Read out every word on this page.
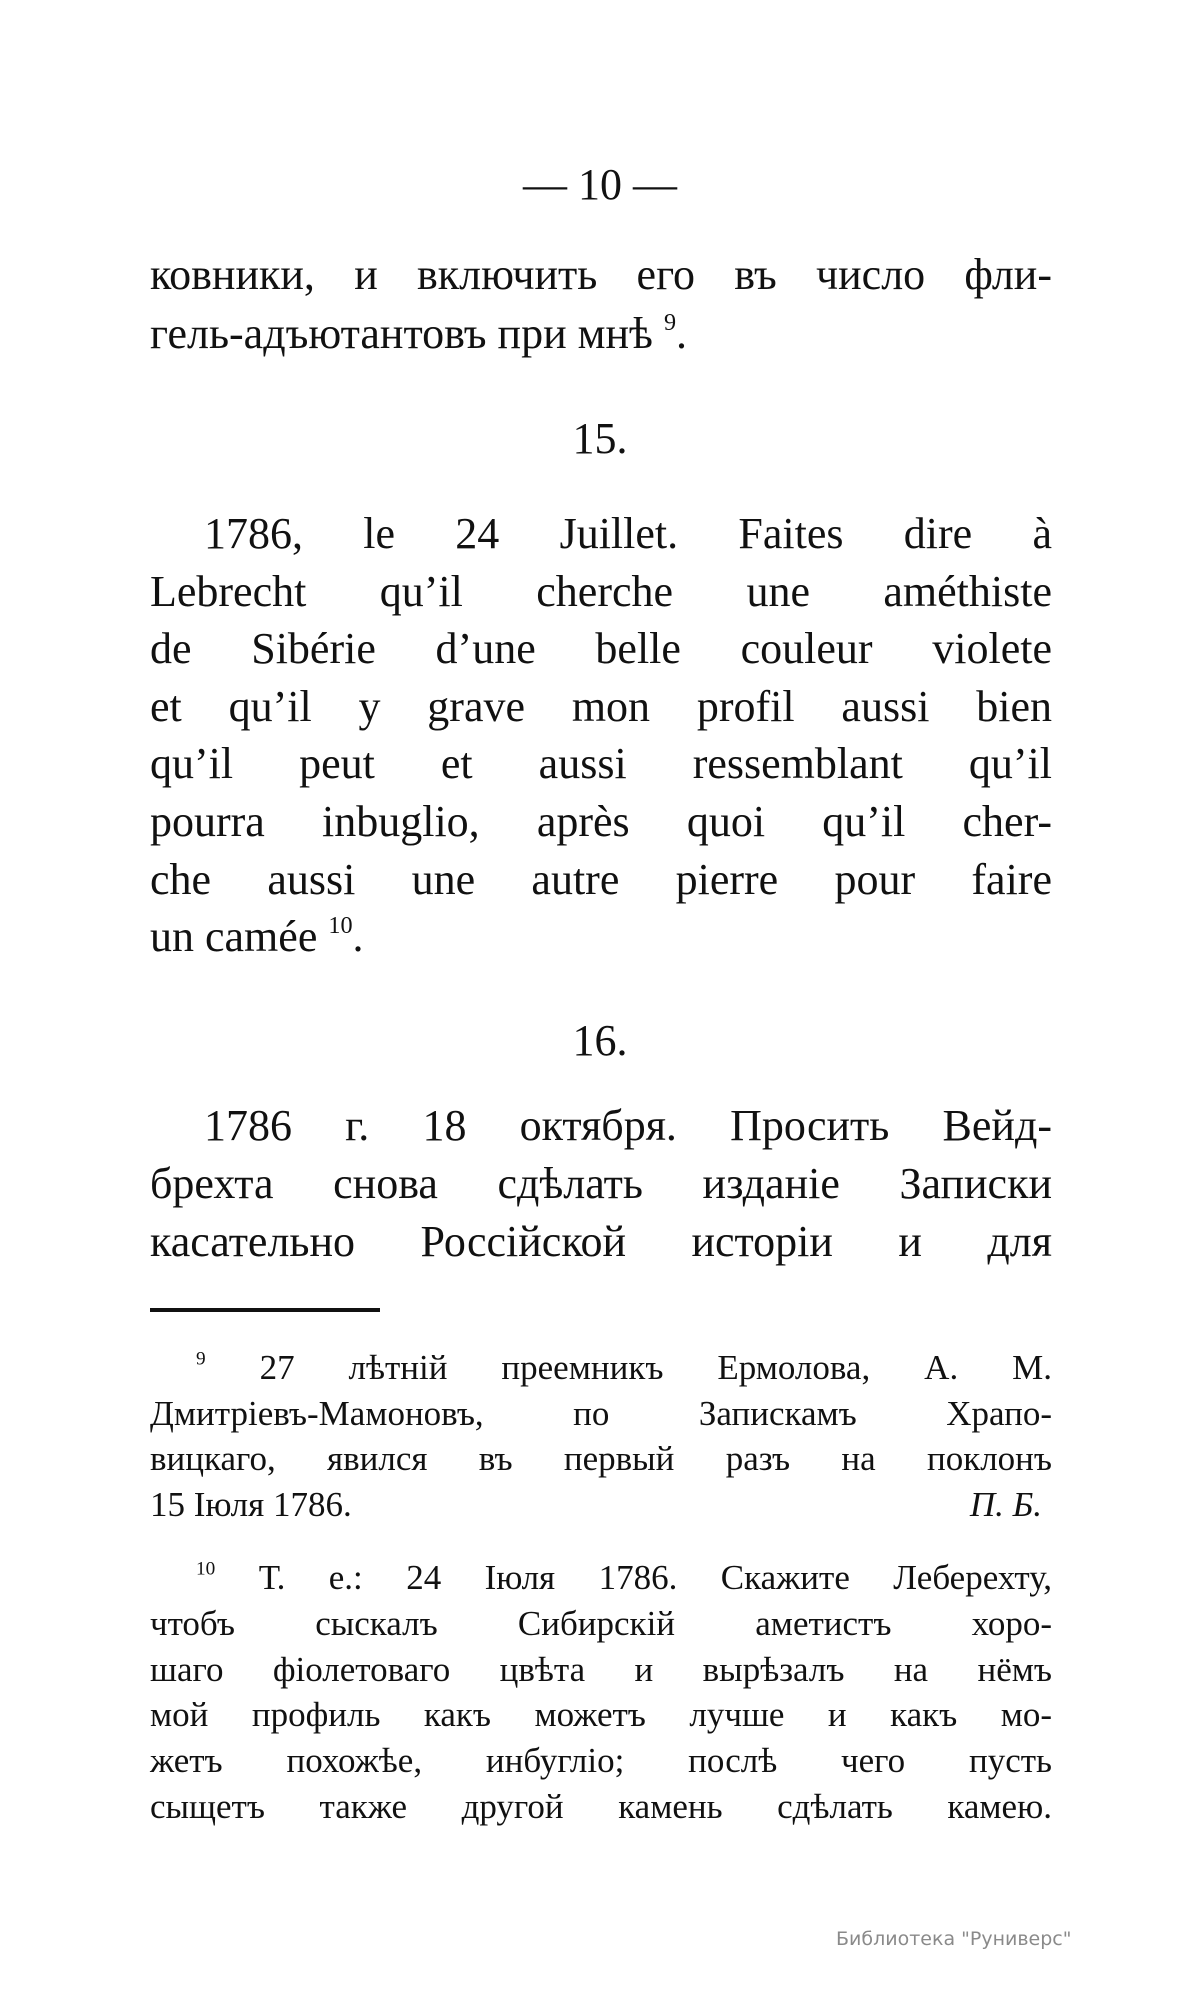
— 10 —
ковники, и включить его въ число фли-
гель-адъютантовъ при мнѣ $^9$.
15.
1786, le 24 Juillet. Faites dire à
Lebrecht qu’il cherche une améthiste
de Sibérie d’une belle couleur violete
et qu’il y grave mon profil aussi bien
qu’il peut et aussi ressemblant qu’il
pourra inbuglio, après quoi qu’il cher-
che aussi une autre pierre pour faire
un camée $^{10}$.
16.
1786 г. 18 октября. Просить Вейд-
брехта снова сдѣлать изданіе Записки
касательно Россійской исторіи и для
$^9$ 27 лѣтній преемникъ Ермолова, А. М.
Дмитріевъ-Мамоновъ, по Запискамъ Храпо-
вицкаго, явился въ первый разъ на поклонъ
15 Іюля 1786.	П. Б.
$^{10}$ Т. е.: 24 Іюля 1786. Скажите Леберехту,
чтобъ сыскалъ Сибирскій аметистъ хоро-
шаго фіолетоваго цвѣта и вырѣзалъ на нёмъ
мой профиль какъ можетъ лучше и какъ мо-
жетъ похожѣе, инбугліо; послѣ чего пусть
сыщетъ также другой камень сдѣлать камею.
Библиотека "Руниверс"
